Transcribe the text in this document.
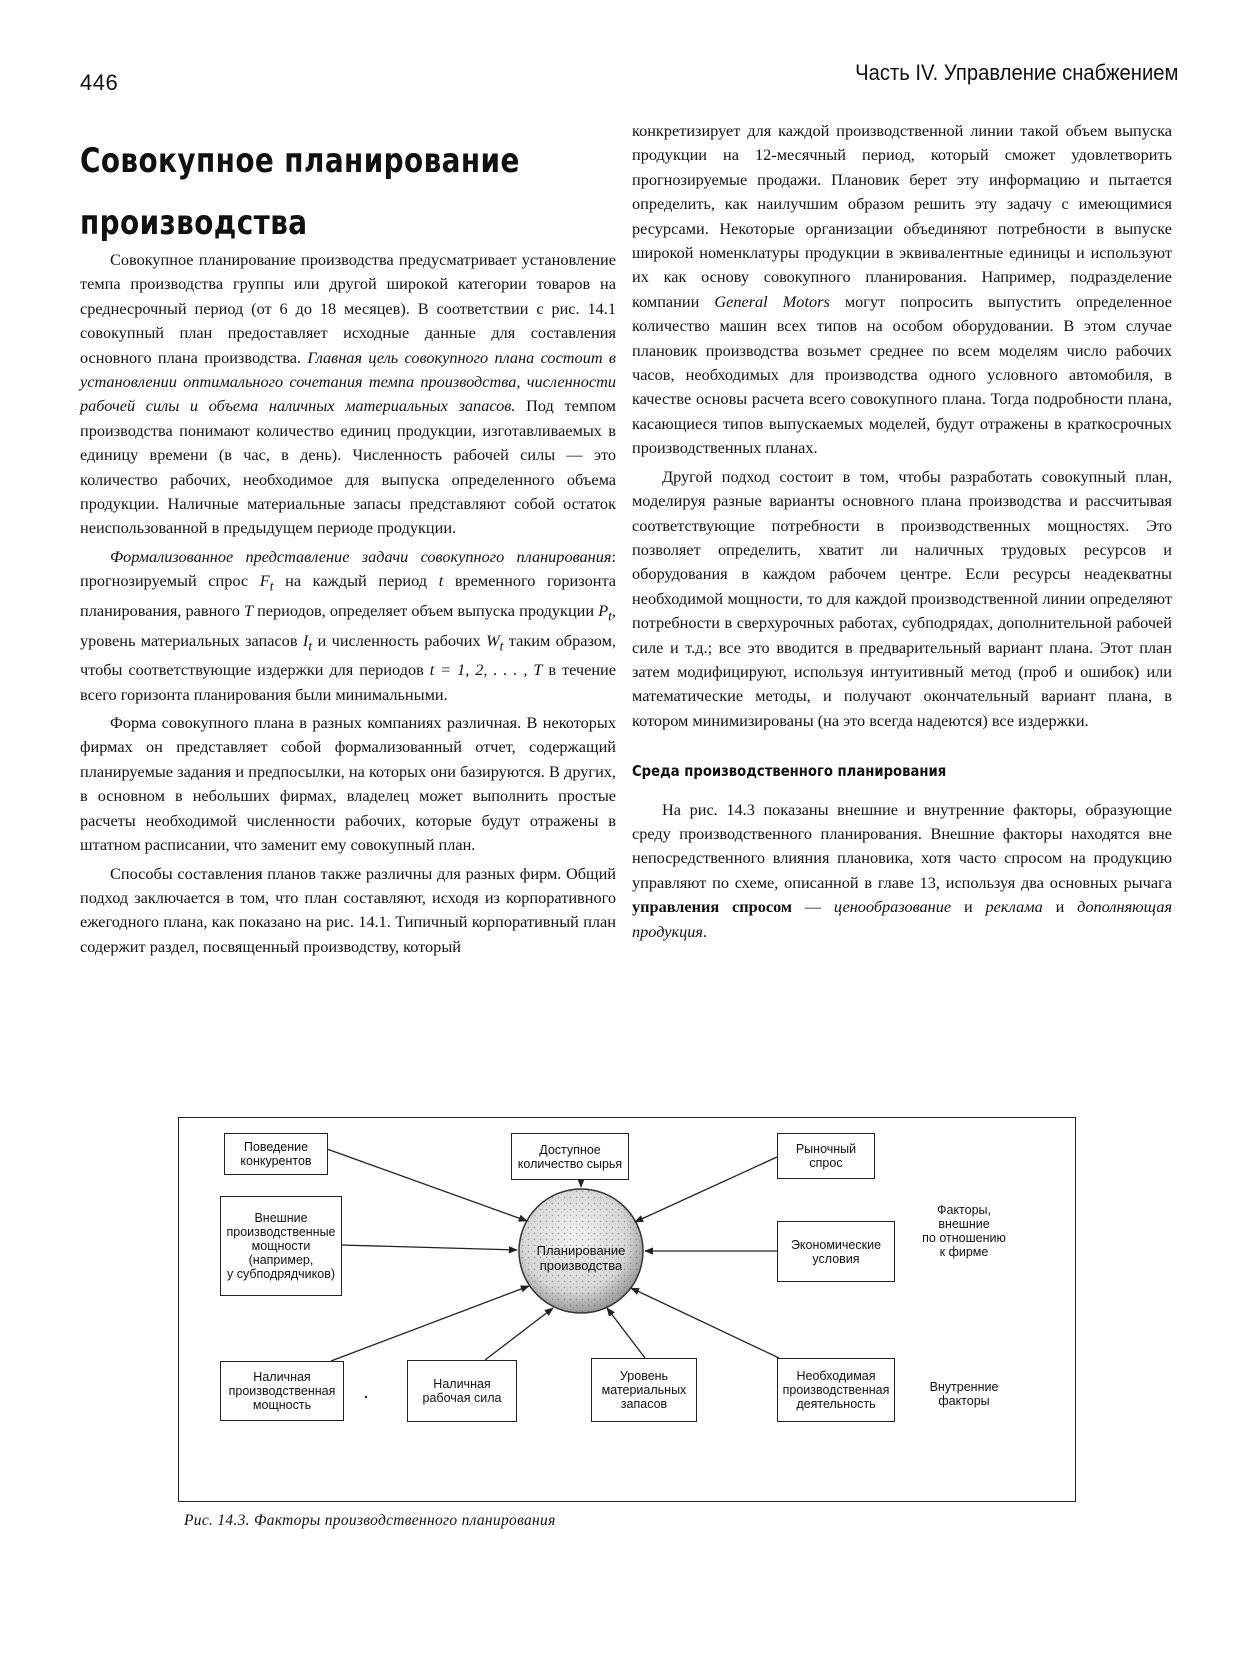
446	Часть IV. Управление снабжением
Совокупное планирование производства

Совокупное планирование производства предусматривает установление темпа производства группы или другой широкой категории товаров на среднесрочный период (от 6 до 18 месяцев). В соответствии с рис. 14.1 совокупный план предоставляет исходные данные для составления основного плана производства. Главная цель совокупного плана состоит в установлении оптимального сочетания темпа производства, численности рабочей силы и объема наличных материальных запасов. Под темпом производства понимают количество единиц продукции, изготавливаемых в единицу времени (в час, в день). Численность рабочей силы — это количество рабочих, необходимое для выпуска определенного объема продукции. Наличные материальные запасы представляют собой остаток неиспользованной в предыдущем периоде продукции.

Формализованное представление задачи совокупного планирования: прогнозируемый спрос $F_t$ на каждый период t временного горизонта планирования, равного T периодов, определяет объем выпуска продукции $P_t$, уровень материальных запасов $I_t$ и численность рабочих $W_t$ таким образом, чтобы соответствующие издержки для периодов t = 1, 2, . . . , T в течение всего горизонта планирования были минимальными.

Форма совокупного плана в разных компаниях различная. В некоторых фирмах он представляет собой формализованный отчет, содержащий планируемые задания и предпосылки, на которых они базируются. В других, в основном в небольших фирмах, владелец может выполнить простые расчеты необходимой численности рабочих, которые будут отражены в штатном расписании, что заменит ему совокупный план.

Способы составления планов также различны для разных фирм. Общий подход заключается в том, что план составляют, исходя из корпоративного ежегодного плана, как показано на рис. 14.1. Типичный корпоративный план содержит раздел, посвященный производству, который

конкретизирует для каждой производственной линии такой объем выпуска продукции на 12-месячный период, который сможет удовлетворить прогнозируемые продажи. Плановик берет эту информацию и пытается определить, как наилучшим образом решить эту задачу с имеющимися ресурсами. Некоторые организации объединяют потребности в выпуске широкой номенклатуры продукции в эквивалентные единицы и используют их как основу совокупного планирования. Например, подразделение компании General Motors могут попросить выпустить определенное количество машин всех типов на особом оборудовании. В этом случае плановик производства возьмет среднее по всем моделям число рабочих часов, необходимых для производства одного условного автомобиля, в качестве основы расчета всего совокупного плана. Тогда подробности плана, касающиеся типов выпускаемых моделей, будут отражены в краткосрочных производственных планах.

Другой подход состоит в том, чтобы разработать совокупный план, моделируя разные варианты основного плана производства и рассчитывая соответствующие потребности в производственных мощностях. Это позволяет определить, хватит ли наличных трудовых ресурсов и оборудования в каждом рабочем центре. Если ресурсы неадекватны необходимой мощности, то для каждой производственной линии определяют потребности в сверхурочных работах, субподрядах, дополнительной рабочей силе и т.д.; все это вводится в предварительный вариант плана. Этот план затем модифицируют, используя интуитивный метод (проб и ошибок) или математические методы, и получают окончательный вариант плана, в котором минимизированы (на это всегда надеются) все издержки.

Среда производственного планирования

На рис. 14.3 показаны внешние и внутренние факторы, образующие среду производственного планирования. Внешние факторы находятся вне непосредственного влияния плановика, хотя часто спросом на продукцию управляют по схеме, описанной в главе 13, используя два основных рычага управления спросом — ценообразование и реклама и дополняющая продукция.

Планирование
производства
Поведение
конкурентов
Доступное
количество сырья
Рыночный
спрос
Внешние
производственные
мощности
(например,
у субподрядчиков)
Экономические
условия
Наличная
производственная
мощность
Наличная
рабочая сила
Уровень
материальных
запасов
Необходимая
производственная
деятельность
Факторы,
внешние
по отношению
к фирме
Внутренние
факторы
Рис. 14.3. Факторы производственного планирования
